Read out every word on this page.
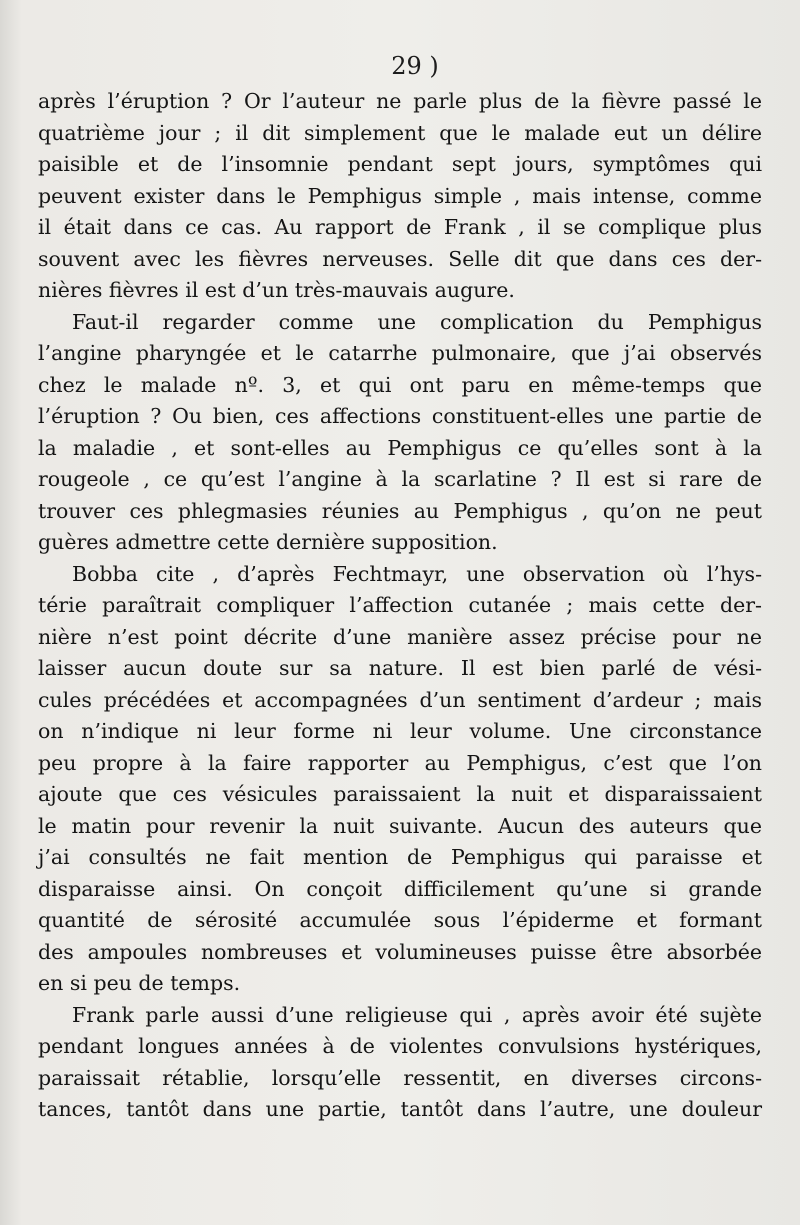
29 )
après l’éruption ? Or l’auteur ne parle plus de la fièvre passé le
quatrième jour ; il dit simplement que le malade eut un délire
paisible et de l’insomnie pendant sept jours, symptômes qui
peuvent exister dans le Pemphigus simple , mais intense, comme
il était dans ce cas. Au rapport de Frank , il se complique plus
souvent avec les fièvres nerveuses. Selle dit que dans ces der-
nières fièvres il est d’un très-mauvais augure.
Faut-il regarder comme une complication du Pemphigus
l’angine pharyngée et le catarrhe pulmonaire, que j’ai observés
chez le malade nº. 3, et qui ont paru en même-temps que
l’éruption ? Ou bien, ces affections constituent-elles une partie de
la maladie , et sont-elles au Pemphigus ce qu’elles sont à la
rougeole , ce qu’est l’angine à la scarlatine ? Il est si rare de
trouver ces phlegmasies réunies au Pemphigus , qu’on ne peut
guères admettre cette dernière supposition.
Bobba cite , d’après Fechtmayr, une observation où l’hys-
térie paraîtrait compliquer l’affection cutanée ; mais cette der-
nière n’est point décrite d’une manière assez précise pour ne
laisser aucun doute sur sa nature. Il est bien parlé de vési-
cules précédées et accompagnées d’un sentiment d’ardeur ; mais
on n’indique ni leur forme ni leur volume. Une circonstance
peu propre à la faire rapporter au Pemphigus, c’est que l’on
ajoute que ces vésicules paraissaient la nuit et disparaissaient
le matin pour revenir la nuit suivante. Aucun des auteurs que
j’ai consultés ne fait mention de Pemphigus qui paraisse et
disparaisse ainsi. On conçoit difficilement qu’une si grande
quantité de sérosité accumulée sous l’épiderme et formant
des ampoules nombreuses et volumineuses puisse être absorbée
en si peu de temps.
Frank parle aussi d’une religieuse qui , après avoir été sujète
pendant longues années à de violentes convulsions hystériques,
paraissait rétablie, lorsqu’elle ressentit, en diverses circons-
tances, tantôt dans une partie, tantôt dans l’autre, une douleur
